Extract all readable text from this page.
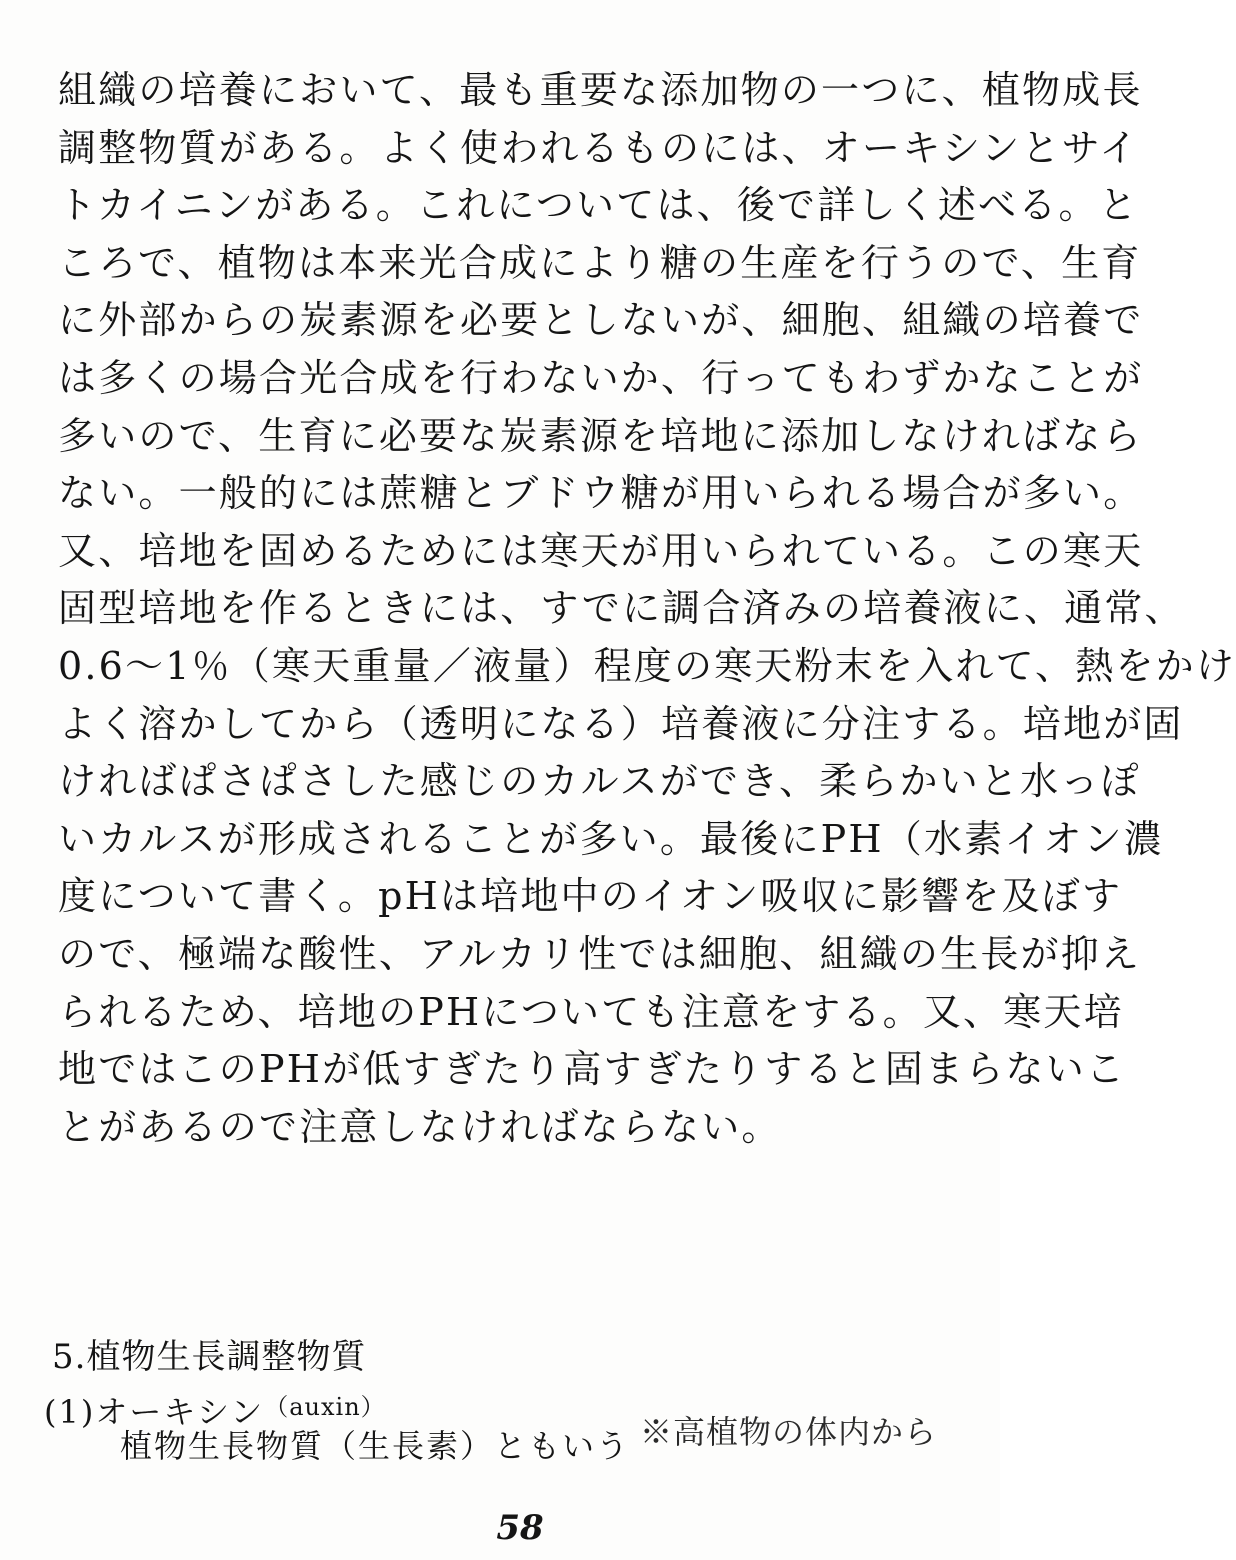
組織の培養において、最も重要な添加物の一つに、植物成長
調整物質がある。よく使われるものには、オーキシンとサイ
トカイニンがある。これについては、後で詳しく述べる。と
ころで、植物は本来光合成により糖の生産を行うので、生育
に外部からの炭素源を必要としないが、細胞、組織の培養で
は多くの場合光合成を行わないか、行ってもわずかなことが
多いので、生育に必要な炭素源を培地に添加しなければなら
ない。一般的には蔗糖とブドウ糖が用いられる場合が多い。
又、培地を固めるためには寒天が用いられている。この寒天
固型培地を作るときには、すでに調合済みの培養液に、通常、
0.6～1％（寒天重量／液量）程度の寒天粉末を入れて、熱をかけ
よく溶かしてから（透明になる）培養液に分注する。培地が固
ければぱさぱさした感じのカルスができ、柔らかいと水っぽ
いカルスが形成されることが多い。最後にPH（水素イオン濃
度について書く。pHは培地中のイオン吸収に影響を及ぼす
ので、極端な酸性、アルカリ性では細胞、組織の生長が抑え
られるため、培地のPHについても注意をする。又、寒天培
地ではこのPHが低すぎたり高すぎたりすると固まらないこ
とがあるので注意しなければならない。
5.植物生長調整物質
(1)オーキシン$^{(auxin)}$
植物生長物質（生長素）ともいう ※高植物の体内から
58
